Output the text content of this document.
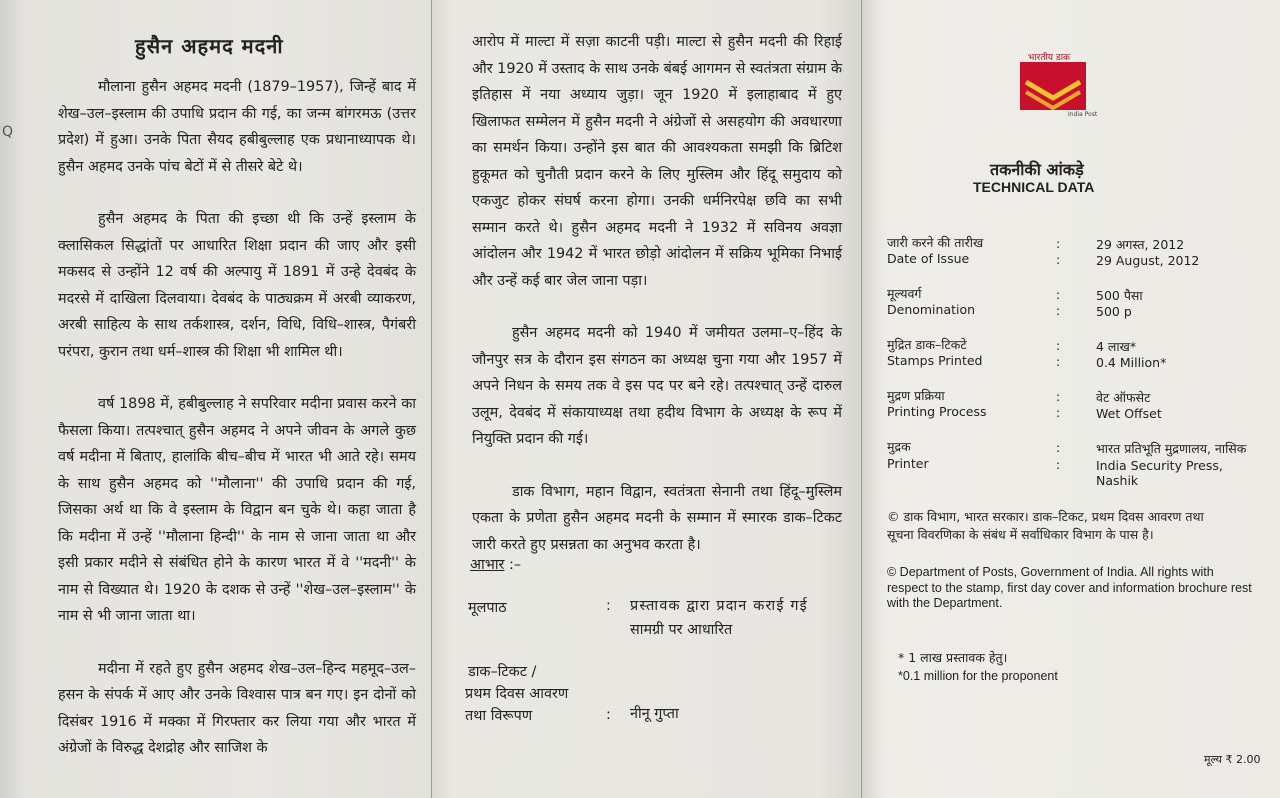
हुसैन अहमद मदनी

मौलाना हुसैन अहमद मदनी (1879–1957), जिन्हें बाद में शेख–उल–इस्लाम की उपाधि प्रदान की गई, का जन्म बांगरमऊ (उत्तर प्रदेश) में हुआ। उनके पिता सैयद हबीबुल्लाह एक प्रधानाध्यापक थे। हुसैन अहमद उनके पांच बेटों में से तीसरे बेटे थे।

हुसैन अहमद के पिता की इच्छा थी कि उन्हें इस्लाम के क्लासिकल सिद्धांतों पर आधारित शिक्षा प्रदान की जाए और इसी मकसद से उन्होंने 12 वर्ष की अल्पायु में 1891 में उन्हे देवबंद के मदरसे में दाखिला दिलवाया। देवबंद के पाठ्यक्रम में अरबी व्याकरण, अरबी साहित्य के साथ तर्कशास्त्र, दर्शन, विधि, विधि–शास्त्र, पैगंबरी परंपरा, कुरान तथा धर्म–शास्त्र की शिक्षा भी शामिल थी।

वर्ष 1898 में, हबीबुल्लाह ने सपरिवार मदीना प्रवास करने का फैसला किया। तत्पश्चात् हुसैन अहमद ने अपने जीवन के अगले कुछ वर्ष मदीना में बिताए, हालांकि बीच–बीच में भारत भी आते रहे। समय के साथ हुसैन अहमद को ''मौलाना'' की उपाधि प्रदान की गई, जिसका अर्थ था कि वे इस्लाम के विद्वान बन चुके थे। कहा जाता है कि मदीना में उन्हें ''मौलाना हिन्दी'' के नाम से जाना जाता था और इसी प्रकार मदीने से संबंधित होने के कारण भारत में वे ''मदनी'' के नाम से विख्यात थे। 1920 के दशक से उन्हें ''शेख–उल–इस्लाम'' के नाम से भी जाना जाता था।

मदीना में रहते हुए हुसैन अहमद शेख–उल–हिन्द महमूद–उल–हसन के संपर्क में आए और उनके विश्वास पात्र बन गए। इन दोनों को दिसंबर 1916 में मक्का में गिरफ्तार कर लिया गया और भारत में अंग्रेजों के विरुद्ध देशद्रोह और साजिश के

Q

आरोप में माल्टा में सज़ा काटनी पड़ी। माल्टा से हुसैन मदनी की रिहाई और 1920 में उस्ताद के साथ उनके बंबई आगमन से स्वतंत्रता संग्राम के इतिहास में नया अध्याय जुड़ा। जून 1920 में इलाहाबाद में हुए खिलाफत सम्मेलन में हुसैन मदनी ने अंग्रेजों से असहयोग की अवधारणा का समर्थन किया। उन्होंने इस बात की आवश्यकता समझी कि ब्रिटिश हुकूमत को चुनौती प्रदान करने के लिए मुस्लिम और हिंदू समुदाय को एकजुट होकर संघर्ष करना होगा। उनकी धर्मनिरपेक्ष छवि का सभी सम्मान करते थे। हुसैन अहमद मदनी ने 1932 में सविनय अवज्ञा आंदोलन और 1942 में भारत छोड़ो आंदोलन में सक्रिय भूमिका निभाई और उन्हें कई बार जेल जाना पड़ा।

हुसैन अहमद मदनी को 1940 में जमीयत उलमा–ए–हिंद के जौनपुर सत्र के दौरान इस संगठन का अध्यक्ष चुना गया और 1957 में अपने निधन के समय तक वे इस पद पर बने रहे। तत्पश्चात् उन्हें दारुल उलूम, देवबंद में संकायाध्यक्ष तथा हदीथ विभाग के अध्यक्ष के रूप में नियुक्ति प्रदान की गई।

डाक विभाग, महान विद्वान, स्वतंत्रता सेनानी तथा हिंदू–मुस्लिम एकता के प्रणेता हुसैन अहमद मदनी के सम्मान में स्मारक डाक–टिकट जारी करते हुए प्रसन्नता का अनुभव करता है।

आभार :–
मूलपाठ	: प्रस्तावक द्वारा प्रदान कराई गई
सामग्री पर आधारित
डाक–टिकट /
प्रथम दिवस आवरण
तथा विरूपण	: नीनू गुप्ता
भारतीय डाक
India Post
तकनीकी आंकड़े
TECHNICAL DATA
जारी करने की तारीख
Date of Issue
:
:
29 अगस्त, 2012
29 August, 2012
मूल्यवर्ग
Denomination
:
:
500 पैसा
500 p
मुद्रित डाक–टिकटे
Stamps Printed
:
:
4 लाख*
0.4 Million*
मुद्रण प्रक्रिया
Printing Process
:
:
वेट ऑफसेट
Wet Offset
मुद्रक
Printer
:
:
भारत प्रतिभूति मुद्रणालय, नासिक
India Security Press,
Nashik
© डाक विभाग, भारत सरकार। डाक–टिकट, प्रथम दिवस आवरण तथा
सूचना विवरणिका के संबंध में सर्वाधिकार विभाग के पास है।
© Department of Posts, Government of India. All rights with
respect to the stamp, first day cover and information brochure rest
with the Department.
* 1 लाख प्रस्तावक हेतु।
*0.1 million for the proponent
मूल्य ₹ 2.00
